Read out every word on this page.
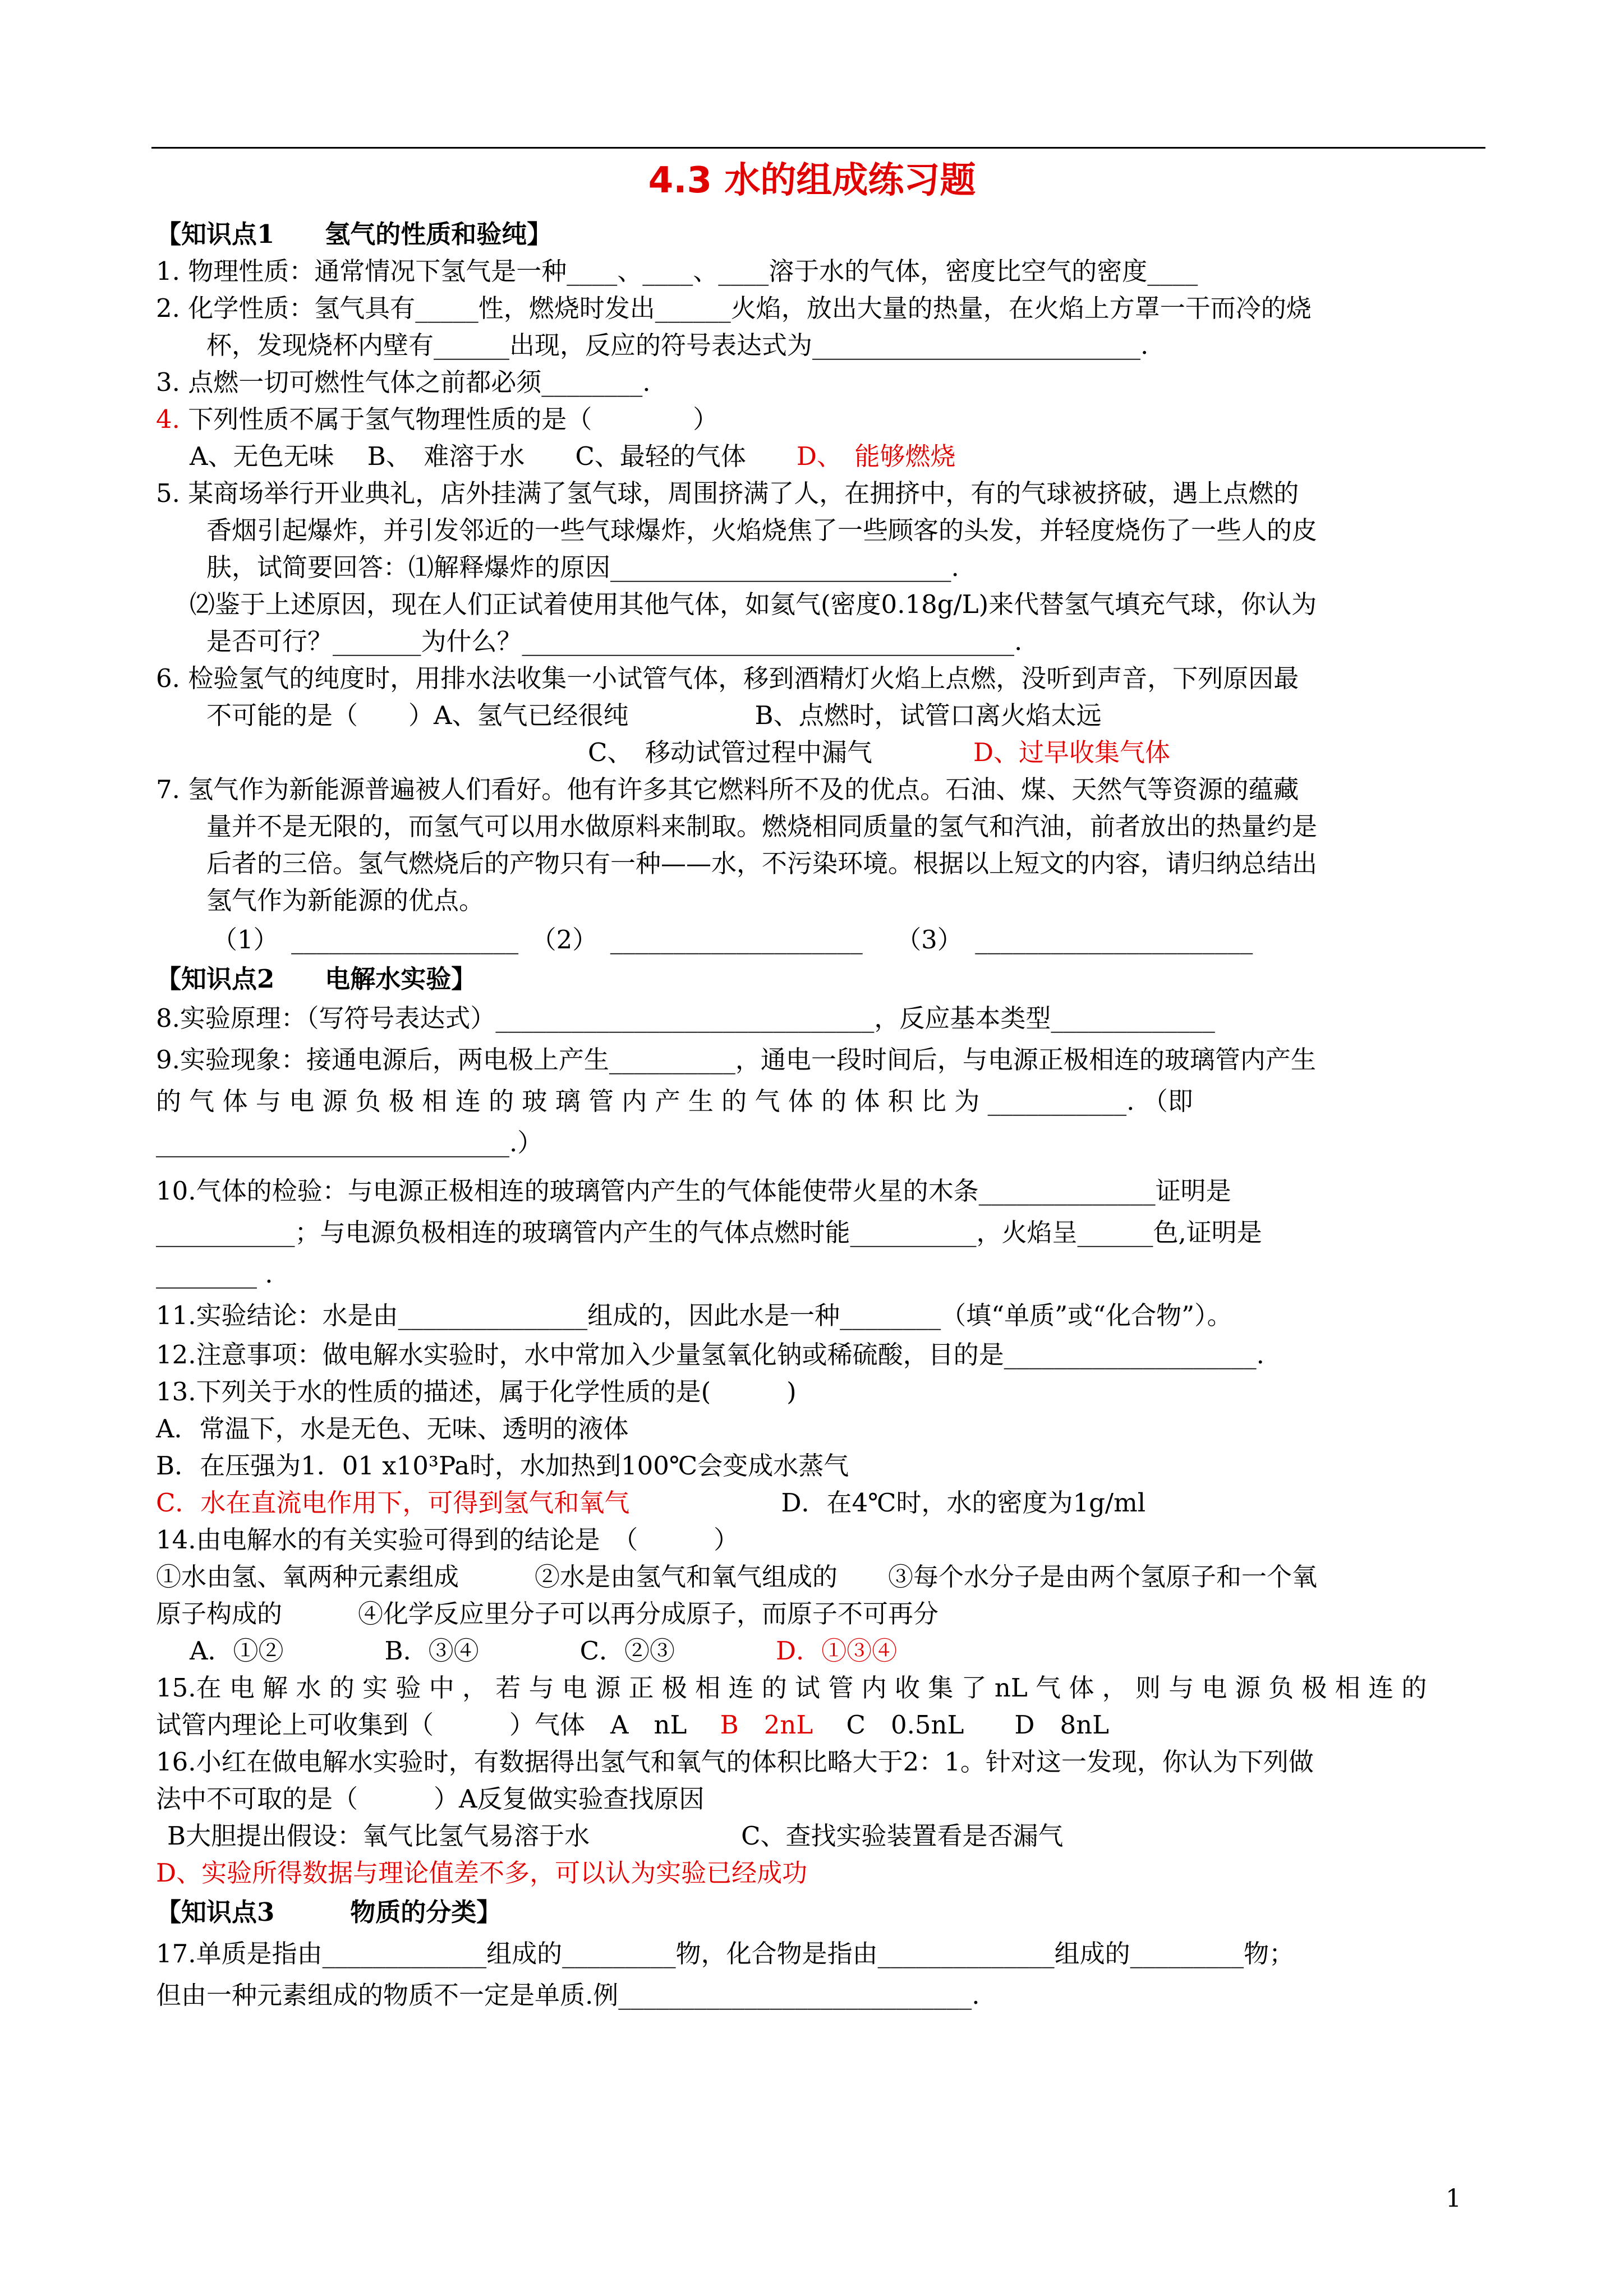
4.3 水的组成练习题
【知识点1　　氢气的性质和验纯】
1. 物理性质：通常情况下氢气是一种____、____、____溶于水的气体，密度比空气的密度____
2. 化学性质：氢气具有_____性，燃烧时发出______火焰，放出大量的热量，在火焰上方罩一干而冷的烧
杯，发现烧杯内壁有______出现，反应的符号表达式为__________________________.
3. 点燃一切可燃性气体之前都必须________.
4. 下列性质不属于氢气物理性质的是（　　　　）
A、无色无味　 B、　难溶于水　　C、最轻的气体　　D、　能够燃烧
5. 某商场举行开业典礼，店外挂满了氢气球，周围挤满了人，在拥挤中，有的气球被挤破，遇上点燃的
香烟引起爆炸，并引发邻近的一些气球爆炸，火焰烧焦了一些顾客的头发，并轻度烧伤了一些人的皮
肤，试简要回答：⑴解释爆炸的原因___________________________.
⑵鉴于上述原因，现在人们正试着使用其他气体，如氦气(密度0.18g/L)来代替氢气填充气球，你认为
是否可行？_______为什么？_______________________________________.
6. 检验氢气的纯度时，用排水法收集一小试管气体，移到酒精灯火焰上点燃，没听到声音，下列原因最
不可能的是（　　）A、氢气已经很纯　　　　　B、点燃时，试管口离火焰太远
C、　移动试管过程中漏气　　　　D、过早收集气体
7. 氢气作为新能源普遍被人们看好。他有许多其它燃料所不及的优点。石油、煤、天然气等资源的蕴藏
量并不是无限的，而氢气可以用水做原料来制取。燃烧相同质量的氢气和汽油，前者放出的热量约是
后者的三倍。氢气燃烧后的产物只有一种——水，不污染环境。根据以上短文的内容，请归纳总结出
氢气作为新能源的优点。
（1）　__________________　（2）　____________________　 （3）　______________________
【知识点2　　电解水实验】
8.实验原理：（写符号表达式）______________________________，反应基本类型_____________
9.实验现象：接通电源后，两电极上产生__________，通电一段时间后，与电源正极相连的玻璃管内产生
的 气 体 与 电 源 负 极 相 连 的 玻 璃 管 内 产 生 的 气 体 的 体 积 比 为 ___________. （即
____________________________.）
10.气体的检验：与电源正极相连的玻璃管内产生的气体能使带火星的木条______________证明是
___________；与电源负极相连的玻璃管内产生的气体点燃时能__________，火焰呈______色,证明是
________ .
11.实验结论：水是由_______________组成的，因此水是一种________（填“单质”或“化合物”）。
12.注意事项：做电解水实验时，水中常加入少量氢氧化钠或稀硫酸，目的是____________________.
13.下列关于水的性质的描述，属于化学性质的是(　　　)
A．常温下，水是无色、无味、透明的液体
B．在压强为1．01 x10³Pa时，水加热到100℃会变成水蒸气
C．水在直流电作用下，可得到氢气和氧气　　　　　　D．在4℃时，水的密度为1g/ml
14.由电解水的有关实验可得到的结论是　（　　　）
①水由氢、氧两种元素组成　　　②水是由氢气和氧气组成的　　③每个水分子是由两个氢原子和一个氧
原子构成的　　　④化学反应里分子可以再分成原子，而原子不可再分
A．①②　　　　B．③④　　　　C．②③　　　　D．①③④
15.在 电 解 水 的 实 验 中 ， 若 与 电 源 正 极 相 连 的 试 管 内 收 集 了 nL 气 体 ， 则 与 电 源 负 极 相 连 的
试管内理论上可收集到（　　　）气体　A　nL　 B　2nL　 C　0.5nL　　D　8nL
16.小红在做电解水实验时，有数据得出氢气和氧气的体积比略大于2：1。针对这一发现，你认为下列做
法中不可取的是（　　　）A反复做实验查找原因
B大胆提出假设：氧气比氢气易溶于水　　　　　　C、查找实验装置看是否漏气
D、实验所得数据与理论值差不多，可以认为实验已经成功
【知识点3　　　物质的分类】
17.单质是指由_____________组成的_________物，化合物是指由______________组成的_________物；
但由一种元素组成的物质不一定是单质.例____________________________.
1
